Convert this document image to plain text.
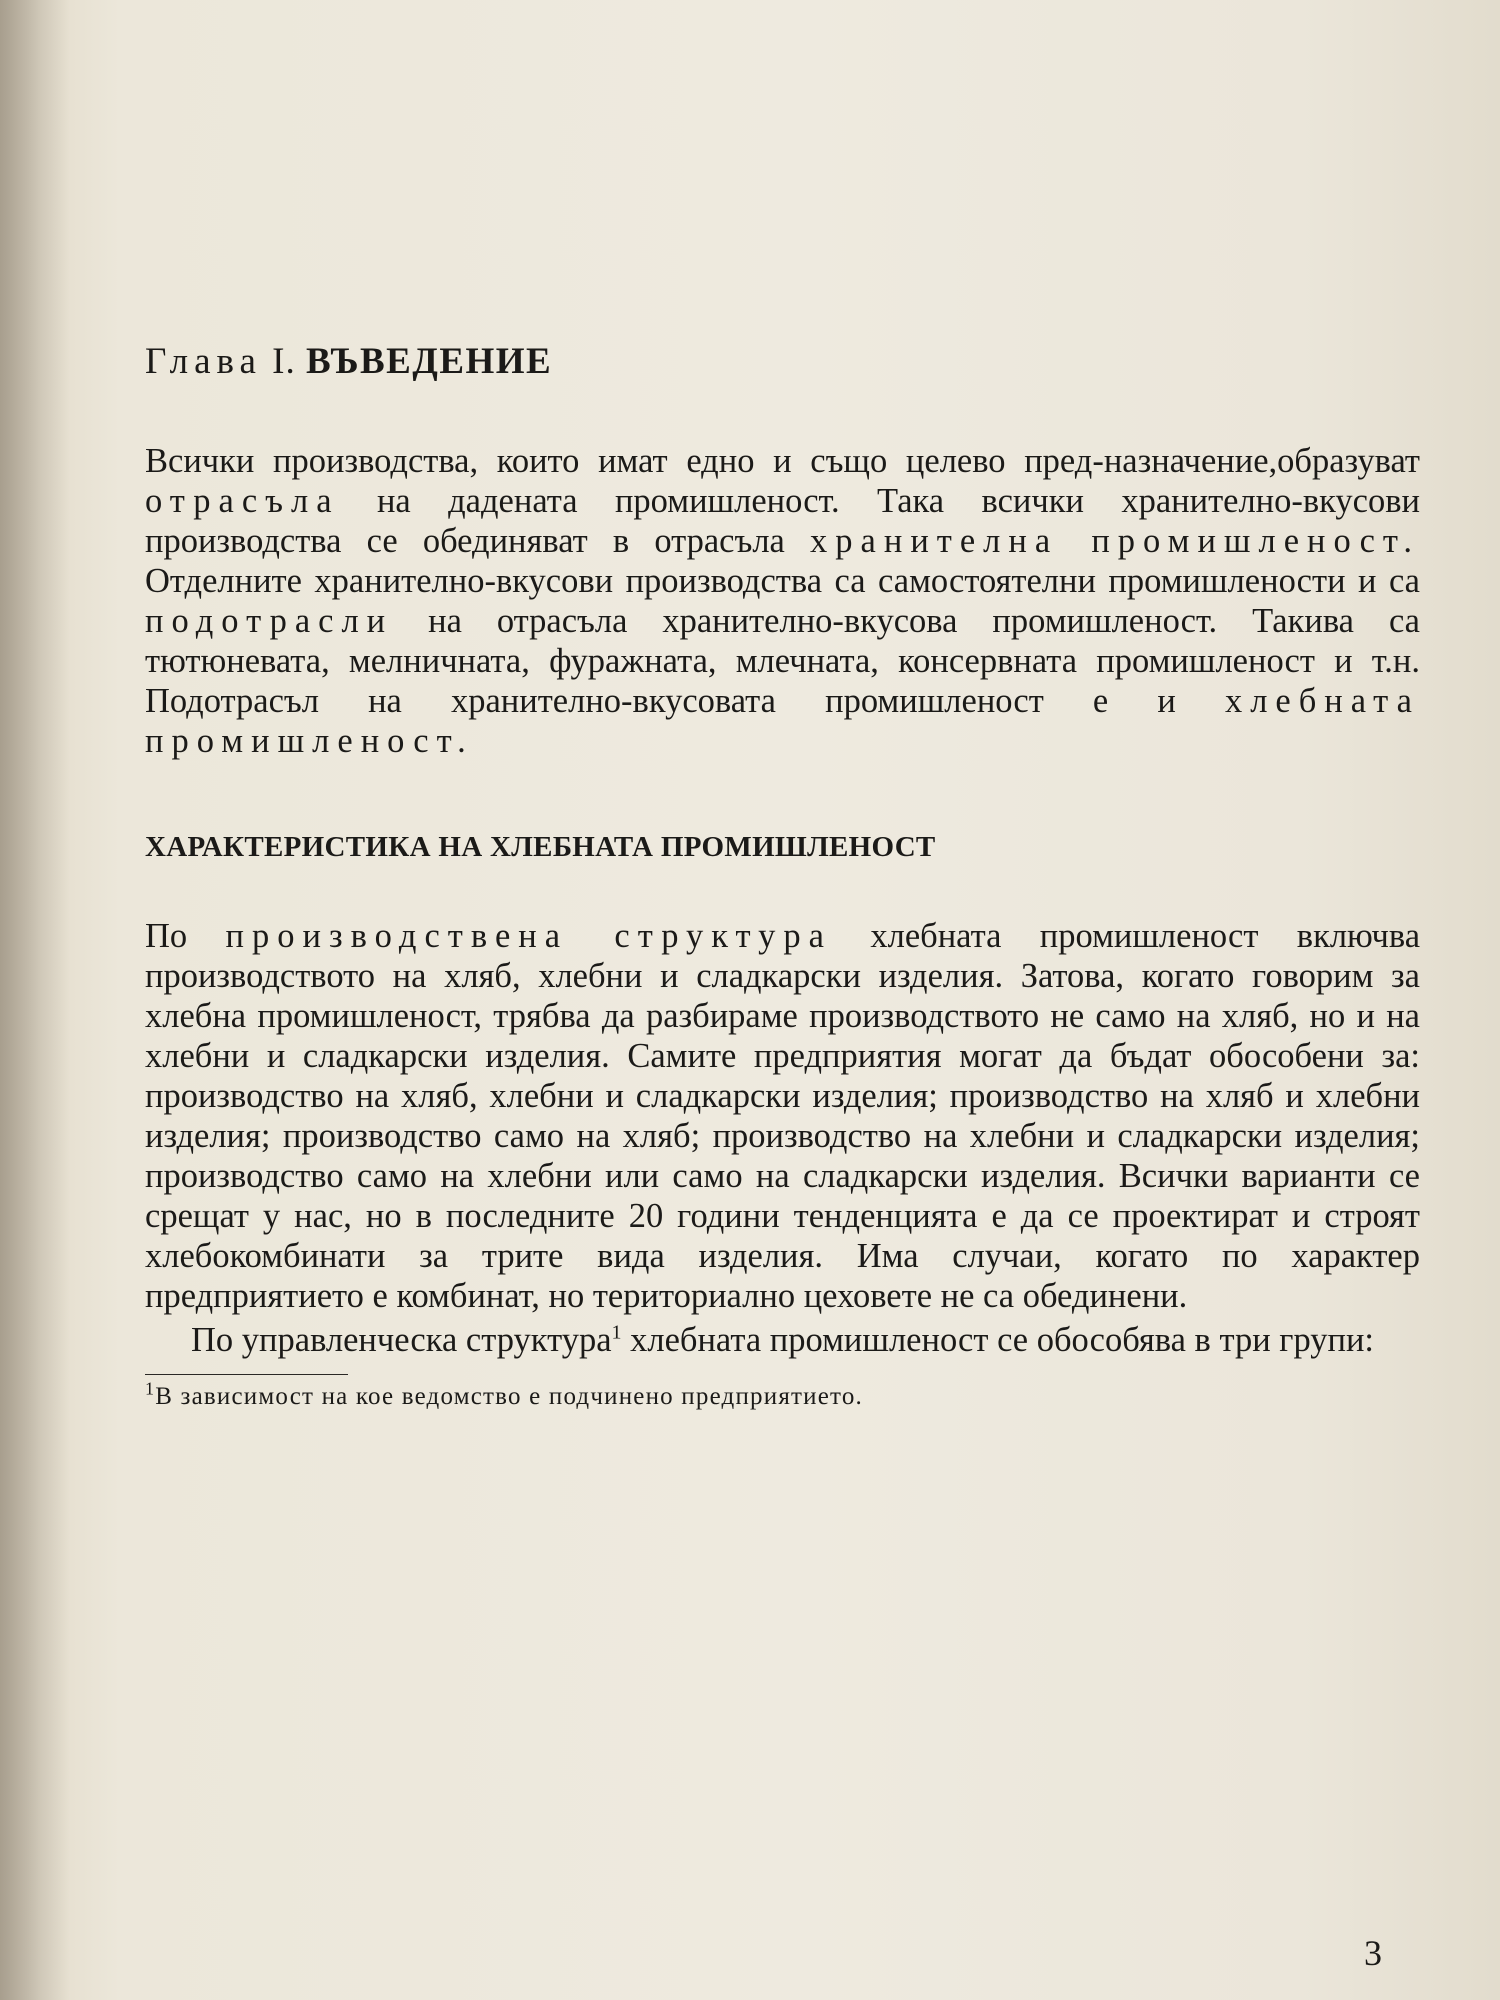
Глава I. ВЪВЕДЕНИЕ

Всички производства, които имат едно и също целево пред-назначение,образуват отрасъла на дадената промишленост. Така всички хранително-вкусови производства се обединяват в отрасъла хранителна промишленост. Отделните хранително-вкусови производства са самостоятелни промишлености и са подотрасли на отрасъла хранително-вкусова промишленост. Такива са тютюневата, мелничната, фуражната, млечната, консервната промишленост и т.н. Подотрасъл на хранително-вкусовата промишленост е и хлебната промишленост.

ХАРАКТЕРИСТИКА НА ХЛЕБНАТА ПРОМИШЛЕНОСТ

По производствена структура хлебната промишленост включва производството на хляб, хлебни и сладкарски изделия. Затова, когато говорим за хлебна промишленост, трябва да разбираме производството не само на хляб, но и на хлебни и сладкарски изделия. Самите предприятия могат да бъдат обособени за: производство на хляб, хлебни и сладкарски изделия; производство на хляб и хлебни изделия; производство само на хляб; производство на хлебни и сладкарски изделия; производство само на хлебни или само на сладкарски изделия. Всички варианти се срещат у нас, но в последните 20 години тенденцията е да се проектират и строят хлебокомбинати за трите вида изделия. Има случаи, когато по характер предприятието е комбинат, но териториално цеховете не са обединени.

По управленческа структура$^1$ хлебната промишленост се обособява в три групи:

$^1$В зависимост на кое ведомство е подчинено предприятието.
3
